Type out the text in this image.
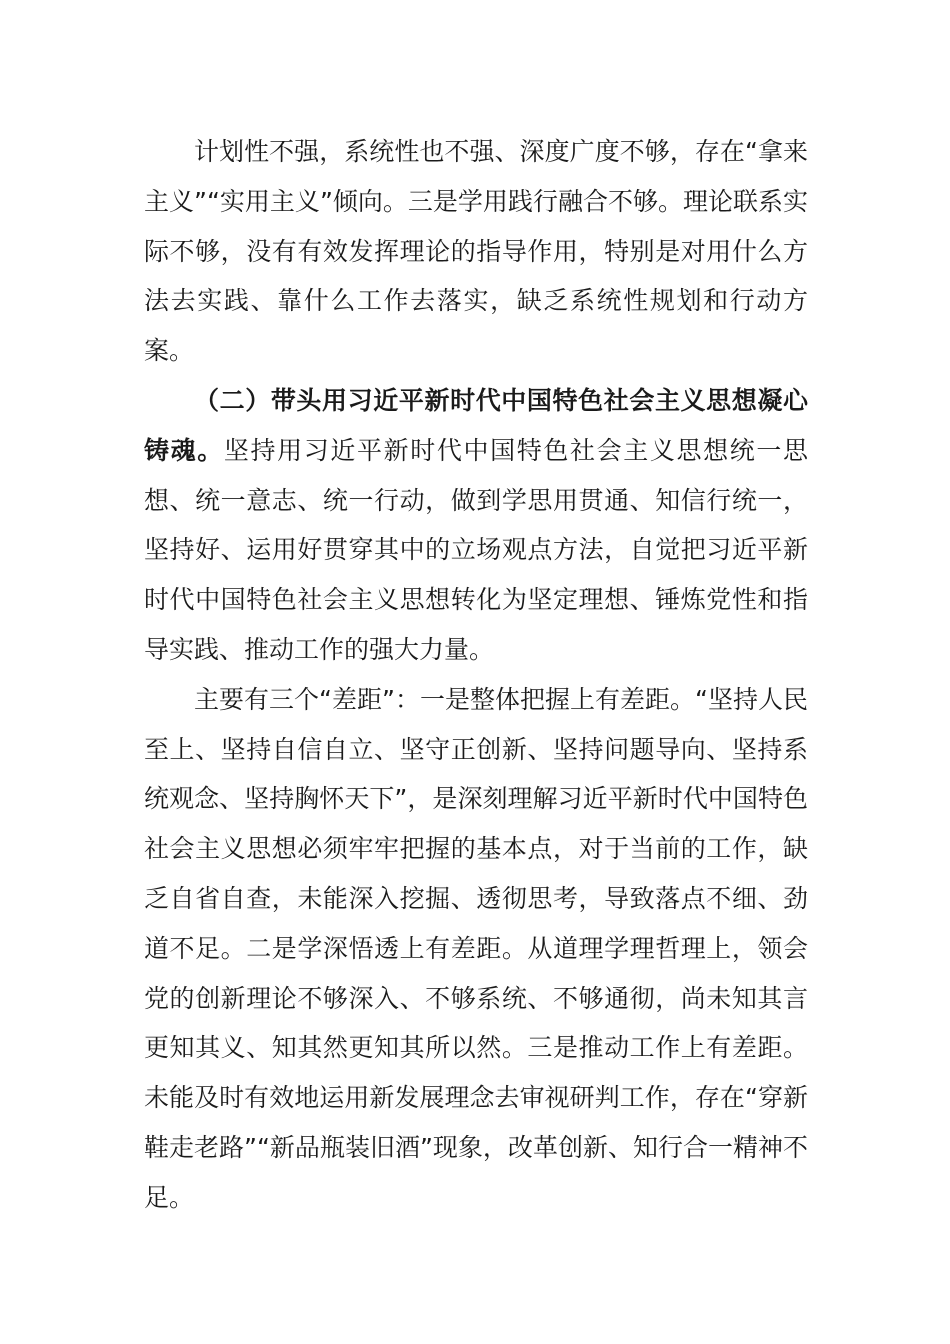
计划性不强，系统性也不强、深度广度不够，存在“拿来主义”“实用主义”倾向。三是学用践行融合不够。理论联系实际不够，没有有效发挥理论的指导作用，特别是对用什么方法去实践、靠什么工作去落实，缺乏系统性规划和行动方案。

（二）带头用习近平新时代中国特色社会主义思想凝心铸魂。坚持用习近平新时代中国特色社会主义思想统一思想、统一意志、统一行动，做到学思用贯通、知信行统一，坚持好、运用好贯穿其中的立场观点方法，自觉把习近平新时代中国特色社会主义思想转化为坚定理想、锤炼党性和指导实践、推动工作的强大力量。

主要有三个“差距”：一是整体把握上有差距。“坚持人民至上、坚持自信自立、坚守正创新、坚持问题导向、坚持系统观念、坚持胸怀天下”，是深刻理解习近平新时代中国特色社会主义思想必须牢牢把握的基本点，对于当前的工作，缺乏自省自查，未能深入挖掘、透彻思考，导致落点不细、劲道不足。二是学深悟透上有差距。从道理学理哲理上，领会党的创新理论不够深入、不够系统、不够通彻，尚未知其言更知其义、知其然更知其所以然。三是推动工作上有差距。未能及时有效地运用新发展理念去审视研判工作，存在“穿新鞋走老路”“新品瓶装旧酒”现象，改革创新、知行合一精神不足。
